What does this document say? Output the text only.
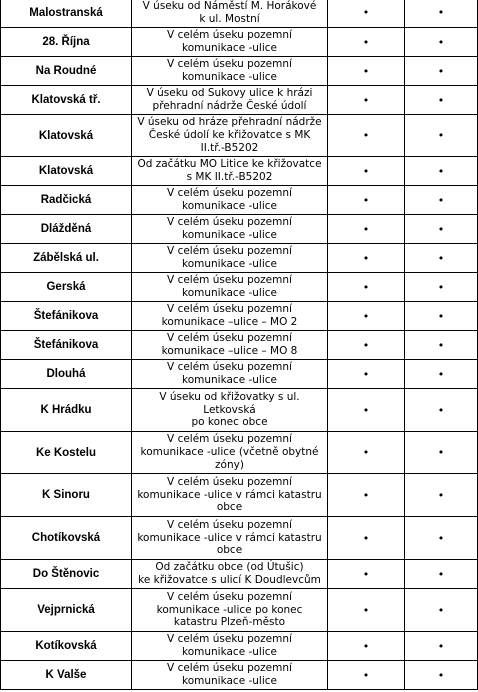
Malostranská	V úseku od Náměstí M. Horákové
k ul. Mostní	•	•
28. Října	V celém úseku pozemní
komunikace -ulice	•	•
Na Roudné	V celém úseku pozemní
komunikace -ulice	•	•
Klatovská tř.	V úseku od Sukovy ulice k hrázi
přehradní nádrže České údolí	•	•
Klatovská	V úseku od hráze přehradní nádrže
České údolí ke křižovatce s MK
II.tř.-B5202	•	•
Klatovská	Od začátku MO Litice ke křižovatce
s MK II.tř.-B5202	•	•
Radčická	V celém úseku pozemní
komunikace -ulice	•	•
Dlážděná	V celém úseku pozemní
komunikace -ulice	•	•
Zábělská ul.	V celém úseku pozemní
komunikace -ulice	•	•
Gerská	V celém úseku pozemní
komunikace -ulice	•	•
Štefánikova	V celém úseku pozemní
komunikace –ulice – MO 2	•	•
Štefánikova	V celém úseku pozemní
komunikace –ulice – MO 8	•	•
Dlouhá	V celém úseku pozemní
komunikace -ulice	•	•
K Hrádku	V úseku od křižovatky s ul.
Letkovská
po konec obce	•	•
Ke Kostelu	V celém úseku pozemní
komunikace -ulice (včetně obytné
zóny)	•	•
K Sinoru	V celém úseku pozemní
komunikace -ulice v rámci katastru
obce	•	•
Chotíkovská	V celém úseku pozemní
komunikace -ulice v rámci katastru
obce	•	•
Do Štěnovic	Od začátku obce (od Útušic)
ke křižovatce s ulicí K Doudlevcům	•	•
Vejprnická	V celém úseku pozemní
komunikace -ulice po konec
katastru Plzeň-město	•	•
Kotíkovská	V celém úseku pozemní
komunikace -ulice	•	•
K Valše	V celém úseku pozemní
komunikace -ulice	•	•
